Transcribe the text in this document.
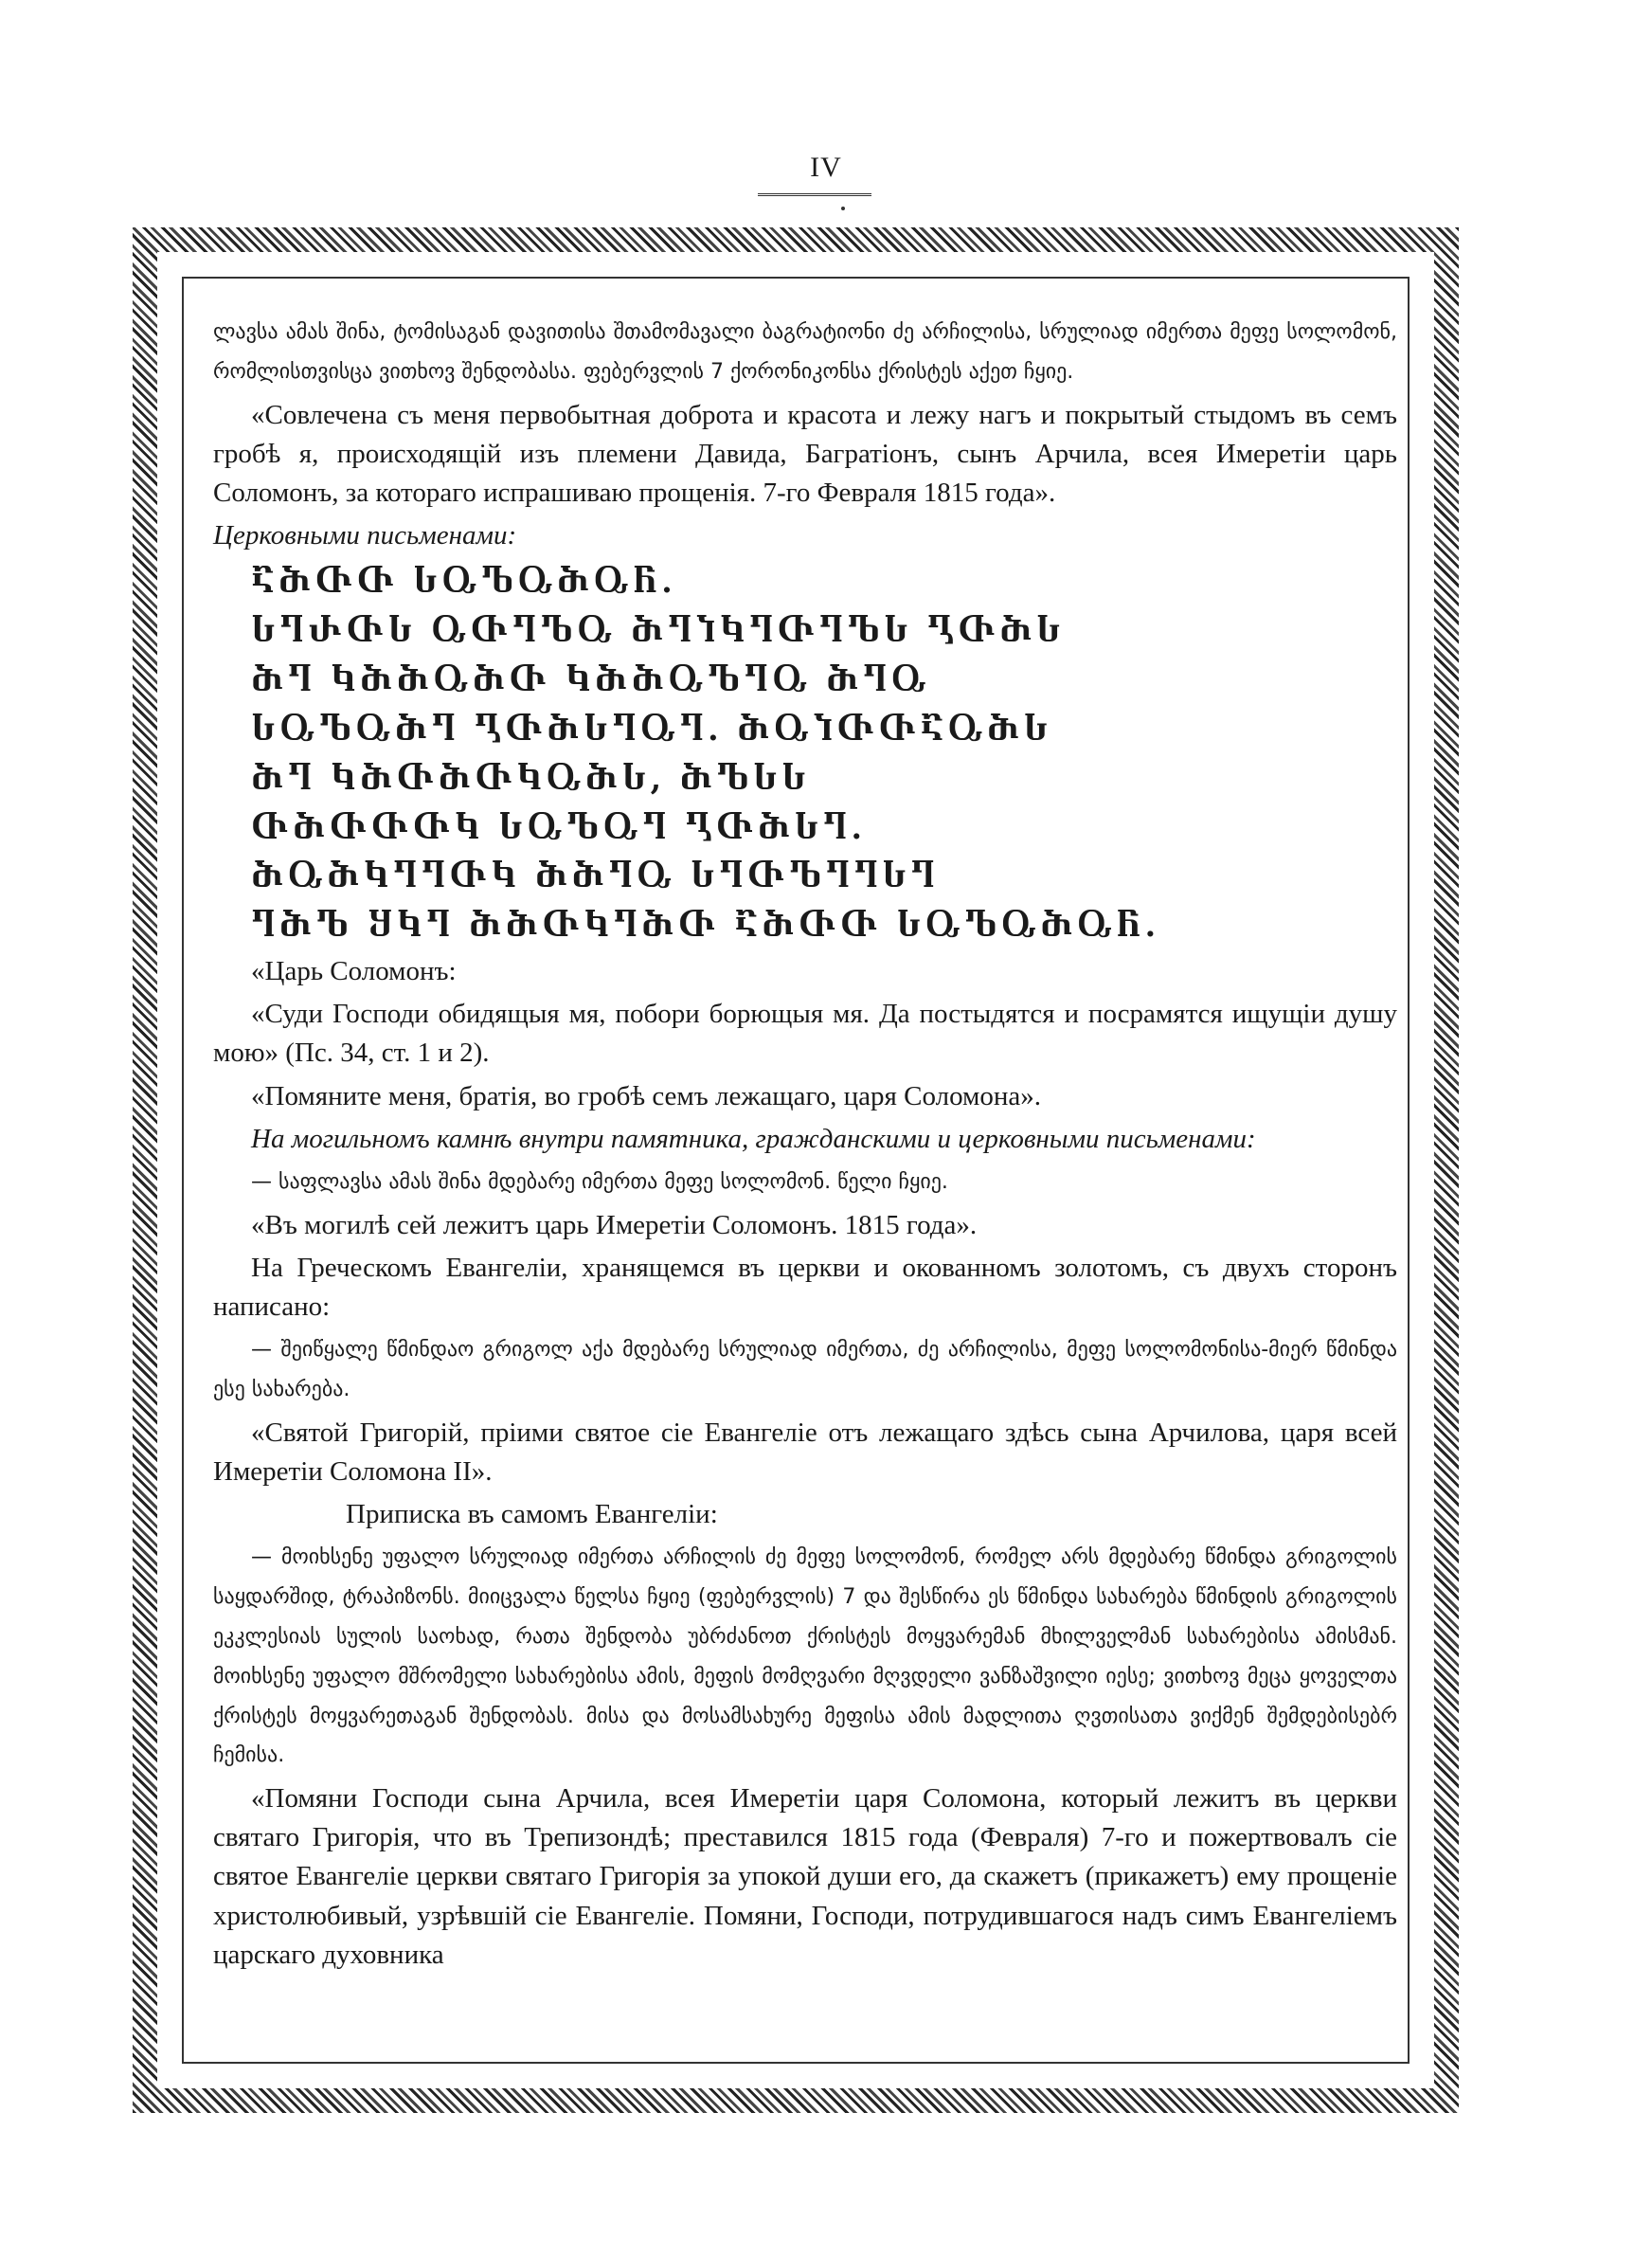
IV

ლავსა ამას შინა, ტომისაგან დავითისა შთამომავალი ბაგრატიონი ძე არჩილისა, სრულიად იმერთა მეფე სოლომონ, რომლისთვისცა ვითხოვ შენდობასა. ფებერვლის 7 ქორონიკონსა ქრისტეს აქეთ ჩყიე.

«Совлечена съ меня первобытная доброта и красота и лежу нагъ и покрытый стыдомъ въ семъ гробѣ я, происходящій изъ племени Давида, Багратіонъ, сынъ Арчила, всея Имеретіи царь Соломонъ, за котораго испрашиваю прощенія. 7-го Февраля 1815 года».

Церковными письменами:

ႠႫႧႧ ႱႭႪႭႫႭႬ.

ႱႤႰႧႱ ႭႧႤႪႭ ႫႤႨႩႤႧႤႪႱ ႢႧႫႱ

ႫႤ ႩႫႫႭႫႧ ႩႫႫႭႪႤႭ ႫႤႭ

ႱႭႪႭႫႤ ႢႧႫႱႤႭႤ. ႫႭႨႧႧႠႭႫႱ

ႫႤ ႩႫႧႫႧႩႭႫႱ, ႫႪႱႱ

ႧႫႧႧႧႩ ႱႭႪႭႤ ႢႧႫႱႤ.

ႫႭႫႩႤႤႧႩ ႫႫႤႭ ႱႤႧႪႤႤႱႤ

ႤႫႪ ႸႩႤ ႫႫႧႩႤႫႧ ႠႫႧႧ ႱႭႪႭႫႭႬ.

«Царь Соломонъ:

«Суди Господи обидящыя мя, побори борющыя мя. Да постыдятся и посрамятся ищущіи душу мою» (Пс. 34, ст. 1 и 2).

«Помяните меня, братія, во гробѣ семъ лежащаго, царя Соломона».

На могильномъ камнѣ внутри памятника, гражданскими и церковными письменами:

— საფლავსა ამას შინა მდებარე იმერთა მეფე სოლომონ. წელი ჩყიე.

«Въ могилѣ сей лежитъ царь Имеретіи Соломонъ. 1815 года».

На Греческомъ Евангеліи, хранящемся въ церкви и окованномъ золотомъ, съ двухъ сторонъ написано:

— შეიწყალე წმინდაო გრიგოლ აქა მდებარე სრულიად იმერთა, ძე არჩილისა, მეფე სოლომონისა-მიერ წმინდა ესე სახარება.

«Святой Григорій, пріими святое сіе Евангеліе отъ лежащаго здѣсь сына Арчилова, царя всей Имеретіи Соломона II».

Приписка въ самомъ Евангеліи:

— მოიხსენე უფალო სრულიად იმერთა არჩილის ძე მეფე სოლომონ, რომელ არს მდებარე წმინდა გრიგოლის საყდარშიდ, ტრაპიზონს. მიიცვალა წელსა ჩყიე (ფებერვლის) 7 და შესწირა ეს წმინდა სახარება წმინდის გრიგოლის ეკკლესიას სულის საოხად, რათა შენდობა უბრძანოთ ქრისტეს მოყვარემან მხილველმან სახარებისა ამისმან. მოიხსენე უფალო მშრომელი სახარებისა ამის, მეფის მომღვარი მღვდელი ვანზაშვილი იესე; ვითხოვ მეცა ყოველთა ქრისტეს მოყვარეთაგან შენდობას. მისა და მოსამსახურე მეფისა ამის მადლითა ღვთისათა ვიქმენ შემდებისებრ ჩემისა.

«Помяни Господи сына Арчила, всея Имеретіи царя Соломона, который лежитъ въ церкви святаго Григорія, что въ Трепизондѣ; преставился 1815 года (Февраля) 7-го и пожертвовалъ сіе святое Евангеліе церкви святаго Григорія за упокой души его, да скажетъ (прикажетъ) ему прощеніе христолюбивый, узрѣвшій сіе Евангеліе. Помяни, Господи, потрудившагося надъ симъ Евангеліемъ царскаго духовника
